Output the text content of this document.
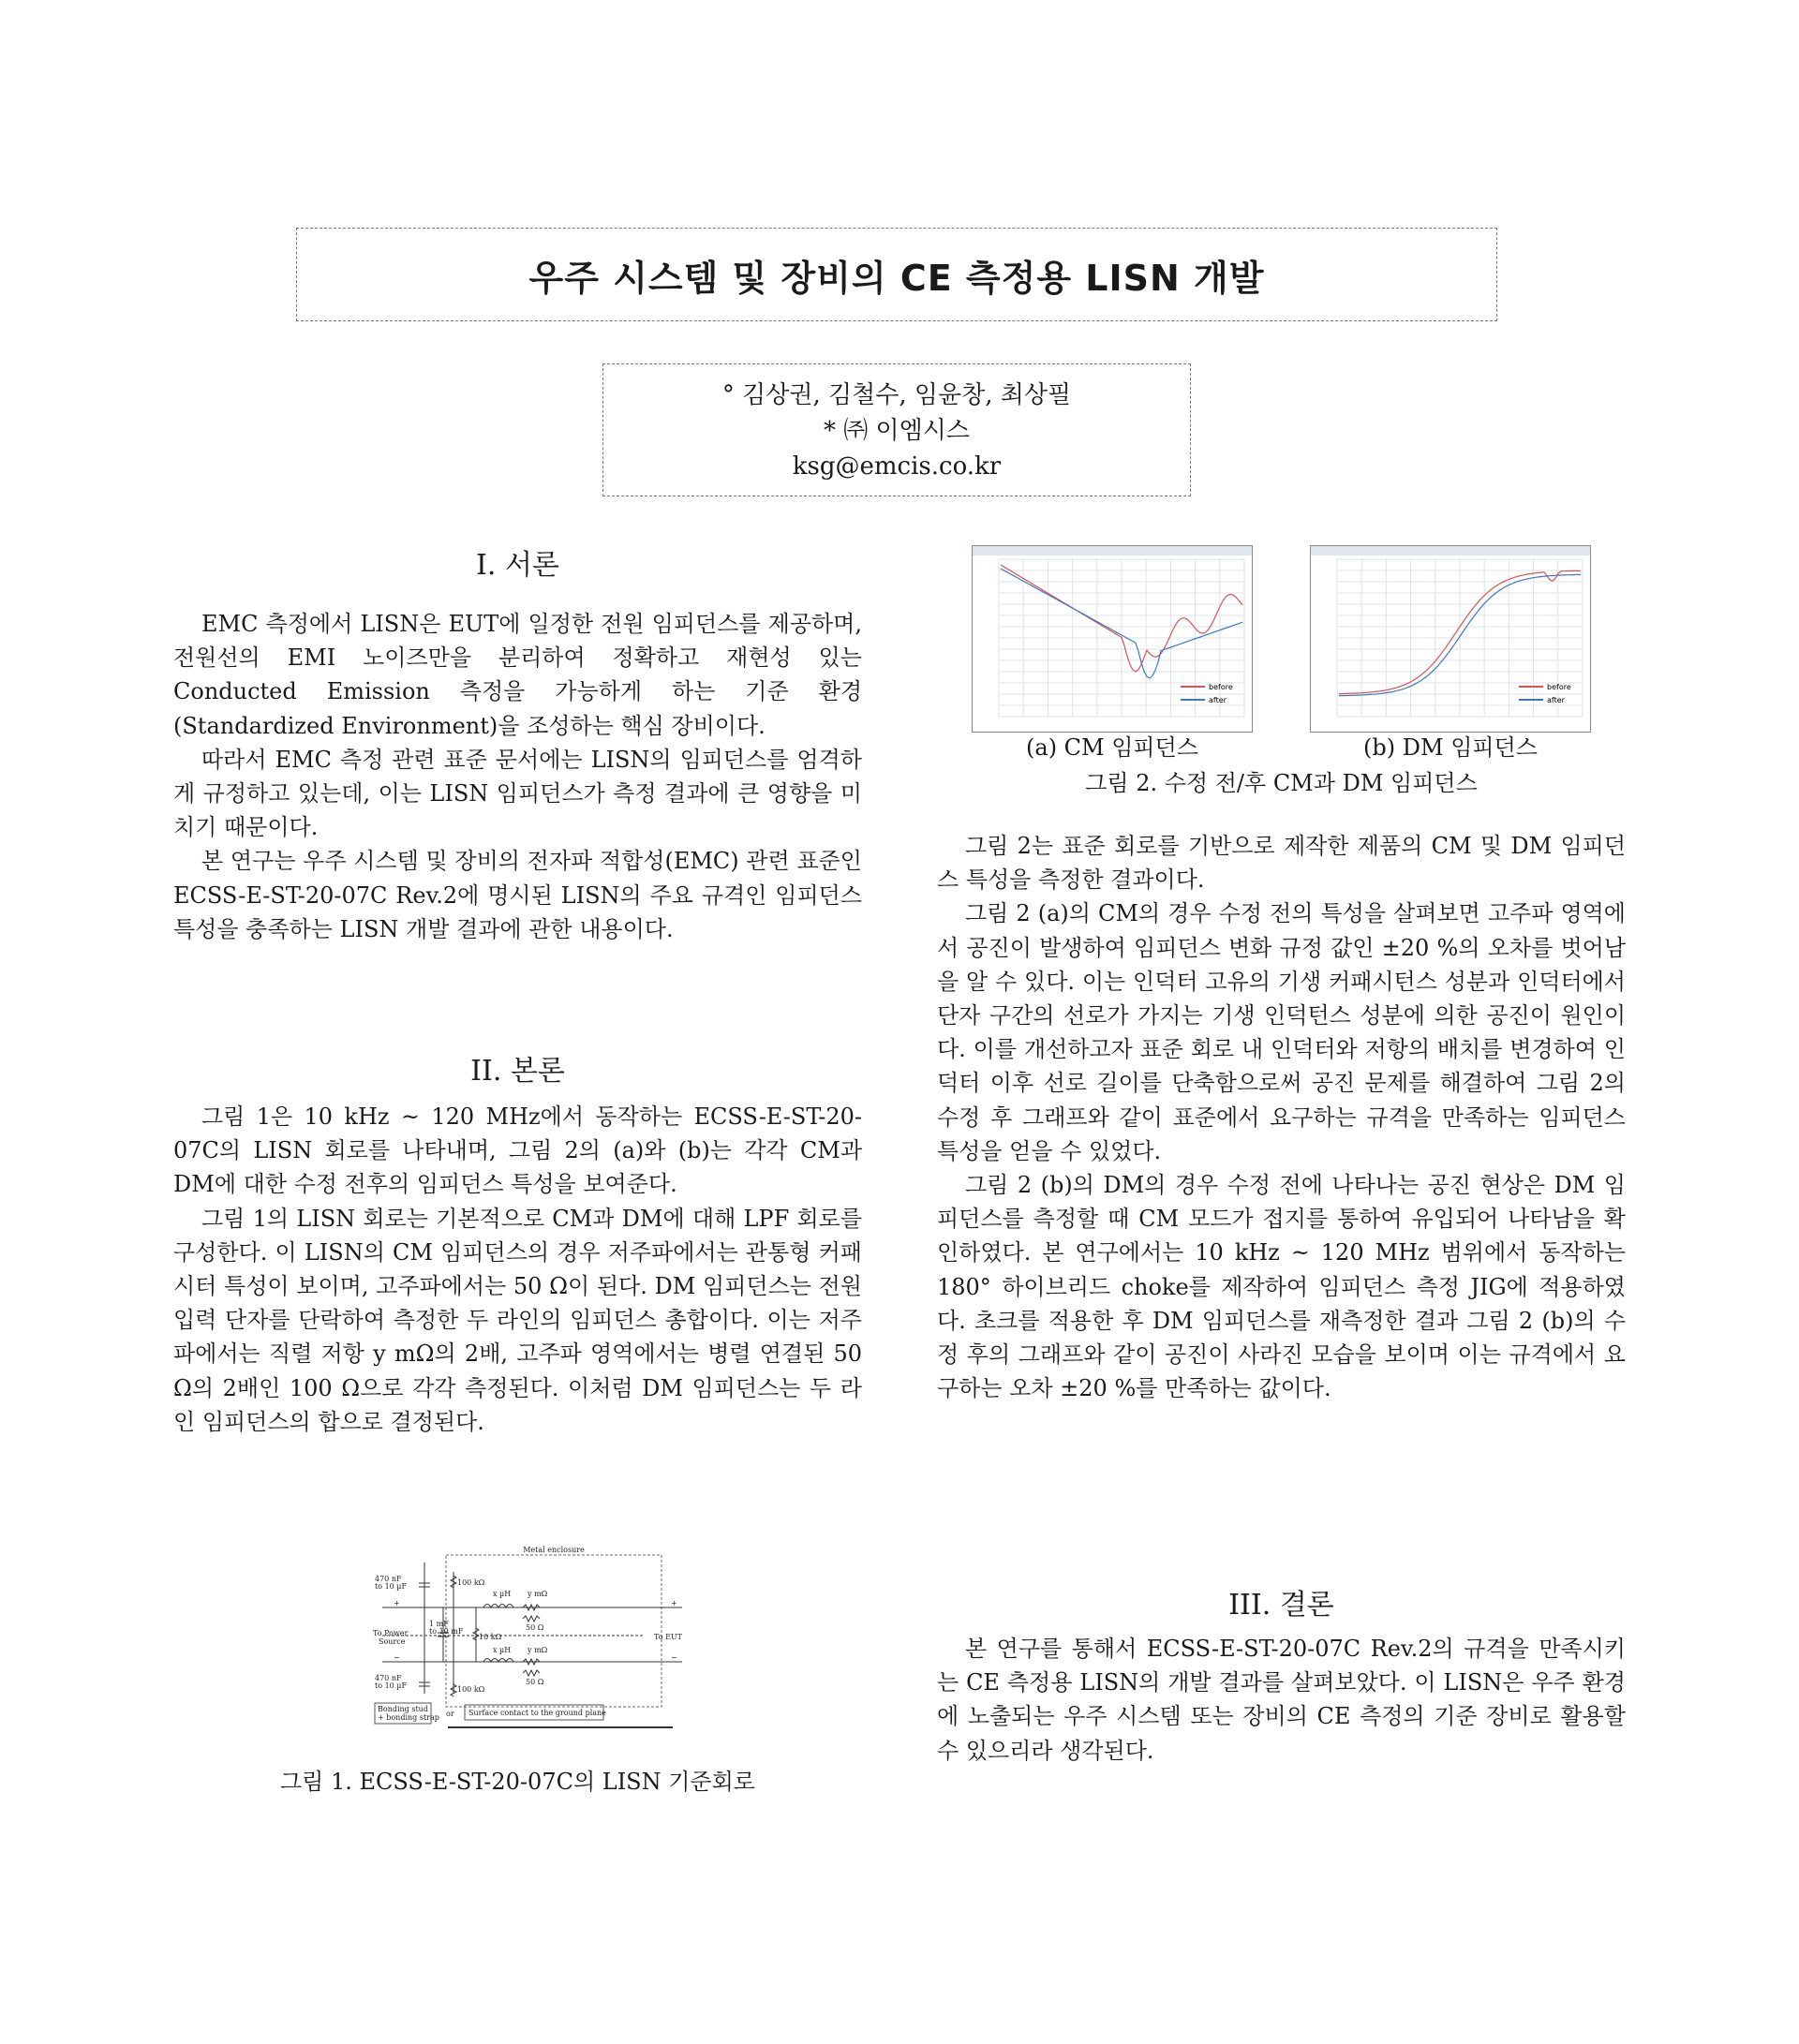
우주 시스템 및 장비의 CE 측정용 LISN 개발
° 김상권, 김철수, 임윤창, 최상필
* ㈜ 이엠시스
ksg@emcis.co.kr
I. 서론

EMC 측정에서 LISN은 EUT에 일정한 전원 임피던스를 제공하며, 전원선의 EMI 노이즈만을 분리하여 정확하고 재현성 있는 Conducted Emission 측정을 가능하게 하는 기준 환경(Standardized Environment)을 조성하는 핵심 장비이다.

따라서 EMC 측정 관련 표준 문서에는 LISN의 임피던스를 엄격하게 규정하고 있는데, 이는 LISN 임피던스가 측정 결과에 큰 영향을 미치기 때문이다.

본 연구는 우주 시스템 및 장비의 전자파 적합성(EMC) 관련 표준인 ECSS-E-ST-20-07C Rev.2에 명시된 LISN의 주요 규격인 임피던스 특성을 충족하는 LISN 개발 결과에 관한 내용이다.

II. 본론

그림 1은 10 kHz ~ 120 MHz에서 동작하는 ECSS-E-ST-20-07C의 LISN 회로를 나타내며, 그림 2의 (a)와 (b)는 각각 CM과 DM에 대한 수정 전후의 임피던스 특성을 보여준다.

그림 1의 LISN 회로는 기본적으로 CM과 DM에 대해 LPF 회로를 구성한다. 이 LISN의 CM 임피던스의 경우 저주파에서는 관통형 커패시터 특성이 보이며, 고주파에서는 50 Ω이 된다. DM 임피던스는 전원 입력 단자를 단락하여 측정한 두 라인의 임피던스 총합이다. 이는 저주파에서는 직렬 저항 y mΩ의 2배, 고주파 영역에서는 병렬 연결된 50 Ω의 2배인 100 Ω으로 각각 측정된다. 이처럼 DM 임피던스는 두 라인 임피던스의 합으로 결정된다.

Metal enclosure
470 nF
to 10 µF
1 mF
to 10 mF
470 nF
to 10 µF
100 kΩ
10 kΩ
100 kΩ
x µH
x µH
y mΩ
y mΩ
50 Ω
50 Ω
To Power
Source
To EUT
+
−
+
−
Bonding stud
+ bonding strap or Surface contact to the ground plane
그림 1. ECSS-E-ST-20-07C의 LISN 기준회로
before
after
before
after
(a) CM 임피던스	(b) DM 임피던스
그림 2. 수정 전/후 CM과 DM 임피던스

그림 2는 표준 회로를 기반으로 제작한 제품의 CM 및 DM 임피던스 특성을 측정한 결과이다.

그림 2 (a)의 CM의 경우 수정 전의 특성을 살펴보면 고주파 영역에서 공진이 발생하여 임피던스 변화 규정 값인 ±20 %의 오차를 벗어남을 알 수 있다. 이는 인덕터 고유의 기생 커패시턴스 성분과 인덕터에서 단자 구간의 선로가 가지는 기생 인덕턴스 성분에 의한 공진이 원인이다. 이를 개선하고자 표준 회로 내 인덕터와 저항의 배치를 변경하여 인덕터 이후 선로 길이를 단축함으로써 공진 문제를 해결하여 그림 2의 수정 후 그래프와 같이 표준에서 요구하는 규격을 만족하는 임피던스 특성을 얻을 수 있었다.

그림 2 (b)의 DM의 경우 수정 전에 나타나는 공진 현상은 DM 임피던스를 측정할 때 CM 모드가 접지를 통하여 유입되어 나타남을 확인하였다. 본 연구에서는 10 kHz ~ 120 MHz 범위에서 동작하는 180° 하이브리드 choke를 제작하여 임피던스 측정 JIG에 적용하였다. 초크를 적용한 후 DM 임피던스를 재측정한 결과 그림 2 (b)의 수정 후의 그래프와 같이 공진이 사라진 모습을 보이며 이는 규격에서 요구하는 오차 ±20 %를 만족하는 값이다.

III. 결론

본 연구를 통해서 ECSS-E-ST-20-07C Rev.2의 규격을 만족시키는 CE 측정용 LISN의 개발 결과를 살펴보았다. 이 LISN은 우주 환경에 노출되는 우주 시스템 또는 장비의 CE 측정의 기준 장비로 활용할 수 있으리라 생각된다.
